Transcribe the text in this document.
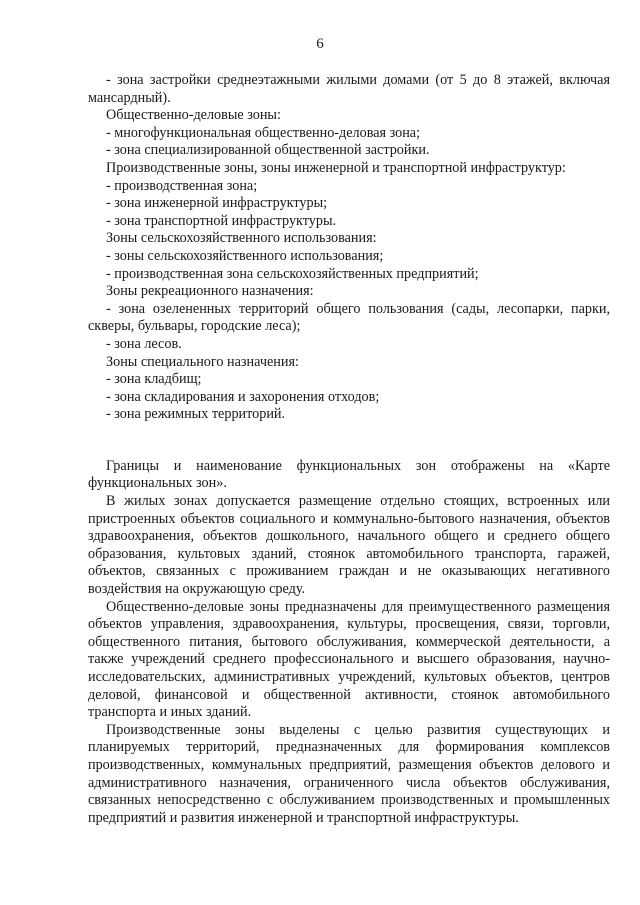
6

- зона застройки среднеэтажными жилыми домами (от 5 до 8 этажей, включая мансардный).

Общественно-деловые зоны:

- многофункциональная общественно-деловая зона;

- зона специализированной общественной застройки.

Производственные зоны, зоны инженерной и транспортной инфраструктур:

- производственная зона;

- зона инженерной инфраструктуры;

- зона транспортной инфраструктуры.

Зоны сельскохозяйственного использования:

- зоны сельскохозяйственного использования;

- производственная зона сельскохозяйственных предприятий;

Зоны рекреационного назначения:

- зона озелененных территорий общего пользования (сады, лесопарки, парки, скверы, бульвары, городские леса);

- зона лесов.

Зоны специального назначения:

- зона кладбищ;

- зона складирования и захоронения отходов;

- зона режимных территорий.

Границы и наименование функциональных зон отображены на «Карте функциональных зон».

В жилых зонах допускается размещение отдельно стоящих, встроенных или пристроенных объектов социального и коммунально-бытового назначения, объектов здравоохранения, объектов дошкольного, начального общего и среднего общего образования, культовых зданий, стоянок автомобильного транспорта, гаражей, объектов, связанных с проживанием граждан и не оказывающих негативного воздействия на окружающую среду.

Общественно-деловые зоны предназначены для преимущественного размещения объектов управления, здравоохранения, культуры, просвещения, связи, торговли, общественного питания, бытового обслуживания, коммерческой деятельности, а также учреждений среднего профессионального и высшего образования, научно-исследовательских, административных учреждений, культовых объектов, центров деловой, финансовой и общественной активности, стоянок автомобильного транспорта и иных зданий.

Производственные зоны выделены с целью развития существующих и планируемых территорий, предназначенных для формирования комплексов производственных, коммунальных предприятий, размещения объектов делового и административного назначения, ограниченного числа объектов обслуживания, связанных непосредственно с обслуживанием производственных и промышленных предприятий и развития инженерной и транспортной инфраструктуры.
